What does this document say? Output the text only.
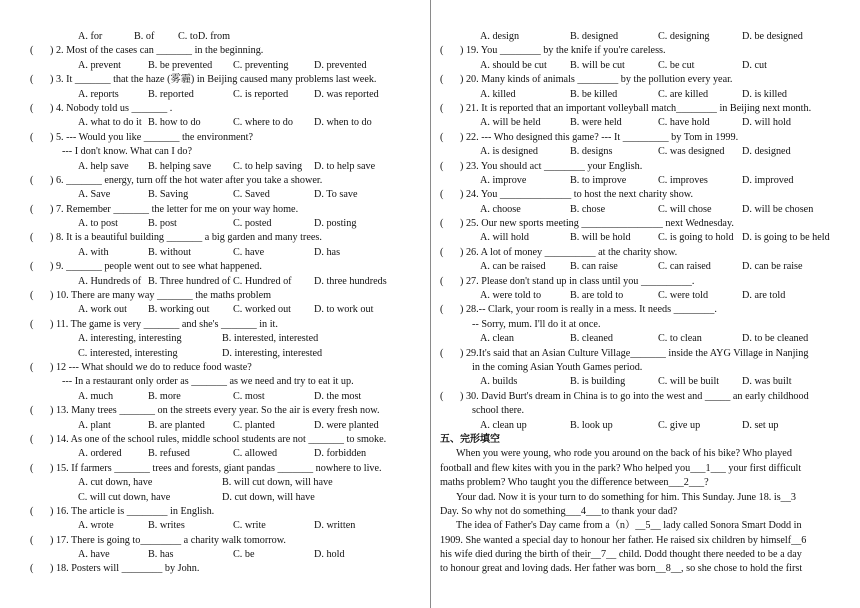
A. for	B. of C. toD. from
(	) 2. Most of the cases can _______ in the beginning.
A. prevent	B. be prevented C. preventing	D. prevented
(	) 3. It _______ that the haze (雾霾) in Beijing caused many problems last week.
A. reports	B. reported	C. is reported	D. was reported
(	) 4. Nobody told us _______ .
A. what to do it B. how to do	C. where to do D. when to do
(	) 5. --- Would you like _______ the environment?
--- I don't know. What can I do?
A. help save B. helping save C. to help saving D. to help save
(	) 6. _______ energy, turn off the hot water after you take a shower.
A. Save	B. Saving	C. Saved	D. To save
(	) 7. Remember _______ the letter for me on your way home.
A. to post	B. post	C. posted	D. posting
(	) 8. It is a beautiful building _______ a big garden and many trees.
A. with	B. without	C. have	D. has
(	) 9. _______ people went out to see what happened.
A. Hundreds of B. Three hundred of C. Hundred of D. three hundreds
(	) 10. There are many way _______ the maths problem
A. work out B. working out C. worked out D. to work out
(	) 11. The game is very _______ and she's _______ in it.
A. interesting, interesting	B. interested, interested
C. interested, interesting	D. interesting, interested
(	) 12 --- What should we do to reduce food waste?
--- In a restaurant only order as _______ as we need and try to eat it up.
A. much	B. more	C. most	D. the most
(	) 13. Many trees _______ on the streets every year. So the air is every fresh now.
A. plant	B. are planted	C. planted	D. were planted
(	) 14. As one of the school rules, middle school students are not _______ to smoke.
A. ordered	B. refused	C. allowed	D. forbidden
(	) 15. If farmers _______ trees and forests, giant pandas _______ nowhere to live.
A. cut down, have	B. will cut down, will have
C. will cut down, have	D. cut down, will have
(	) 16. The article is ________ in English.
A. wrote	B. writes	C. write	D. written
(	) 17. There is going to________ a charity walk tomorrow.
A. have	B. has	C. be	D. hold
(	) 18. Posters will ________ by John.
A. design	B. designed	C. designing	D. be designed
(	) 19. You ________ by the knife if you're careless.
A. should be cut B. will be cut	C. be cut	D. cut
(	) 20. Many kinds of animals ________ by the pollution every year.
A. killed	B. be killed	C. are killed	D. is killed
(	) 21. It is reported that an important volleyball match________ in Beijing next month.
A. will be held	B. were held	C. have hold	D. will hold
(	) 22. --- Who designed this game? --- It _________ by Tom in 1999.
A. is designed	B. designs	C. was designed D. designed
(	) 23. You should act ________ your English.
A. improve	B. to improve	C. improves	D. improved
(	) 24. You ______________ to host the next charity show.
A. choose	B. chose	C. will chose	D. will be chosen
(	) 25. Our new sports meeting ________________ next Wednesday.
A. will hold	B. will be hold	C. is going to hold D. is going to be held
(	) 26. A lot of money __________ at the charity show.
A. can be raised B. can raise	C. can raised	D. can be raise
(	) 27. Please don't stand up in class until you __________.
A. were told to	B. are told to	C. were told	D. are told
(	) 28.-- Clark, your room is really in a mess. It needs ________.
-- Sorry, mum. I'll do it at once.
A. clean	B. cleaned	C. to clean	D. to be cleaned
(	) 29.It's said that an Asian Culture Village_______ inside the AYG Village in Nanjing
in the coming Asian Youth Games period.
A. builds	B. is building	C. will be built D. was built
(	) 30. David Burt's dream in China is to go into the west and _____ an early childhood
school there.
A. clean up	B. look up	C. give up	D. set up
五、完形填空
When you were young, who rode you around on the back of his bike? Who played
football and flew kites with you in the park? Who helped you___1___ your first difficult
maths problem? Who taught you the difference between___2___?
Your dad. Now it is your turn to do something for him. This Sunday. June 18. is__3
Day. So why not do something___4___to thank your dad?
The idea of Father's Day came from a（n）__5__ lady called Sonora Smart Dodd in
1909. She wanted a special day to honour her father. He raised six children by himself__6
his wife died during the birth of their__7__ child. Dodd thought there needed to be a day
to honour great and loving dads. Her father was born__8__, so she chose to hold the first
